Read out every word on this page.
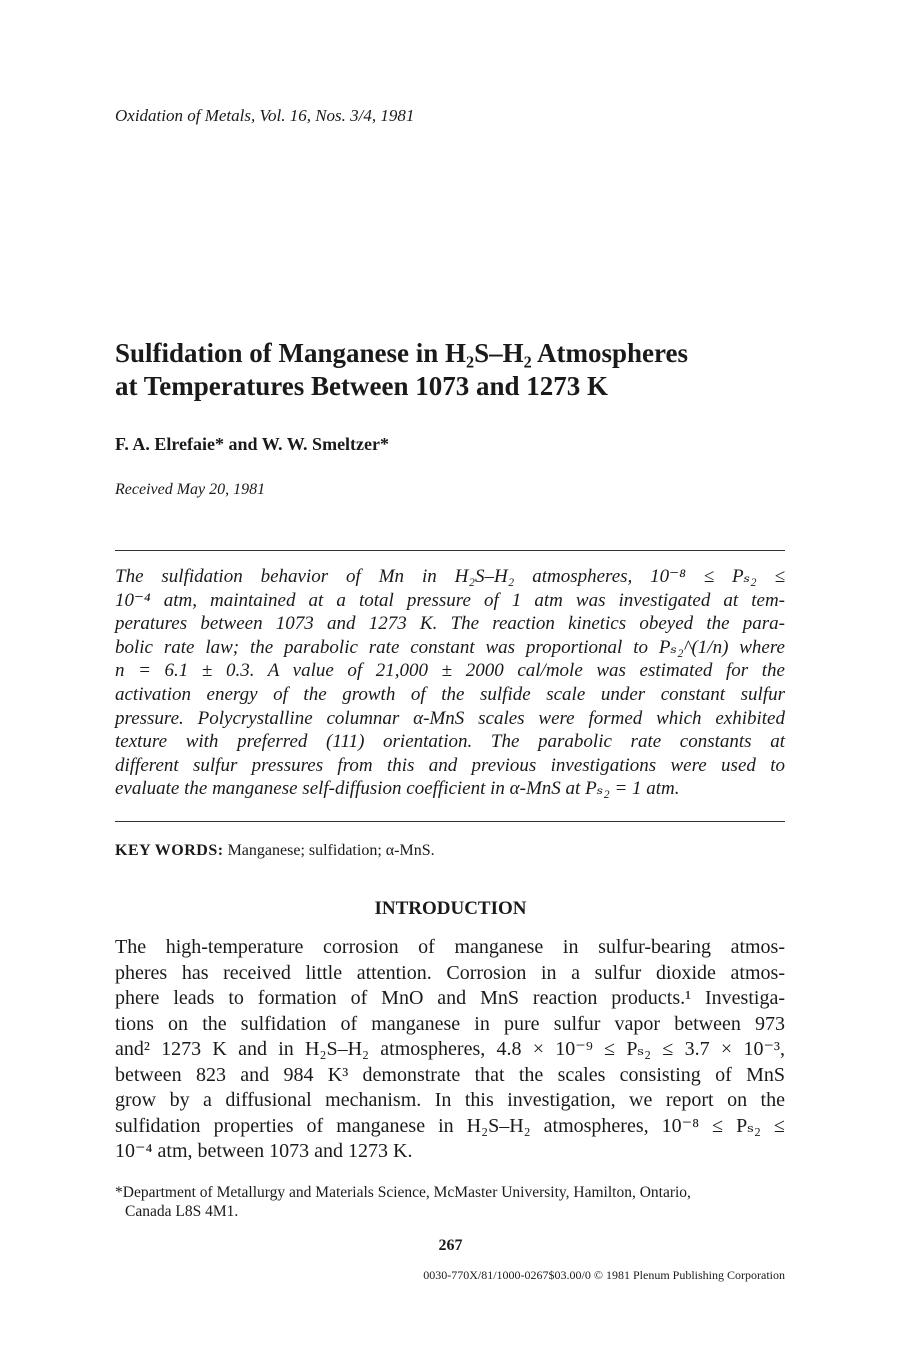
Oxidation of Metals, Vol. 16, Nos. 3/4, 1981
Sulfidation of Manganese in H₂S–H₂ Atmospheres
at Temperatures Between 1073 and 1273 K
F. A. Elrefaie* and W. W. Smeltzer*
Received May 20, 1981
The sulfidation behavior of Mn in H₂S–H₂ atmospheres, 10⁻⁸ ≤ Pₛ₂ ≤
10⁻⁴ atm, maintained at a total pressure of 1 atm was investigated at tem-
peratures between 1073 and 1273 K. The reaction kinetics obeyed the para-
bolic rate law; the parabolic rate constant was proportional to Pₛ₂^(1/n) where
n = 6.1 ± 0.3. A value of 21,000 ± 2000 cal/mole was estimated for the
activation energy of the growth of the sulfide scale under constant sulfur
pressure. Polycrystalline columnar α-MnS scales were formed which exhibited
texture with preferred (111) orientation. The parabolic rate constants at
different sulfur pressures from this and previous investigations were used to
evaluate the manganese self-diffusion coefficient in α-MnS at Pₛ₂ = 1 atm.
KEY WORDS: Manganese; sulfidation; α-MnS.
INTRODUCTION
The high-temperature corrosion of manganese in sulfur-bearing atmos-
pheres has received little attention. Corrosion in a sulfur dioxide atmos-
phere leads to formation of MnO and MnS reaction products.¹ Investiga-
tions on the sulfidation of manganese in pure sulfur vapor between 973
and² 1273 K and in H₂S–H₂ atmospheres, 4.8 × 10⁻⁹ ≤ Pₛ₂ ≤ 3.7 × 10⁻³,
between 823 and 984 K³ demonstrate that the scales consisting of MnS
grow by a diffusional mechanism. In this investigation, we report on the
sulfidation properties of manganese in H₂S–H₂ atmospheres, 10⁻⁸ ≤ Pₛ₂ ≤
10⁻⁴ atm, between 1073 and 1273 K.
*Department of Metallurgy and Materials Science, McMaster University, Hamilton, Ontario,
Canada L8S 4M1.
267
0030-770X/81/1000-0267$03.00/0 © 1981 Plenum Publishing Corporation
